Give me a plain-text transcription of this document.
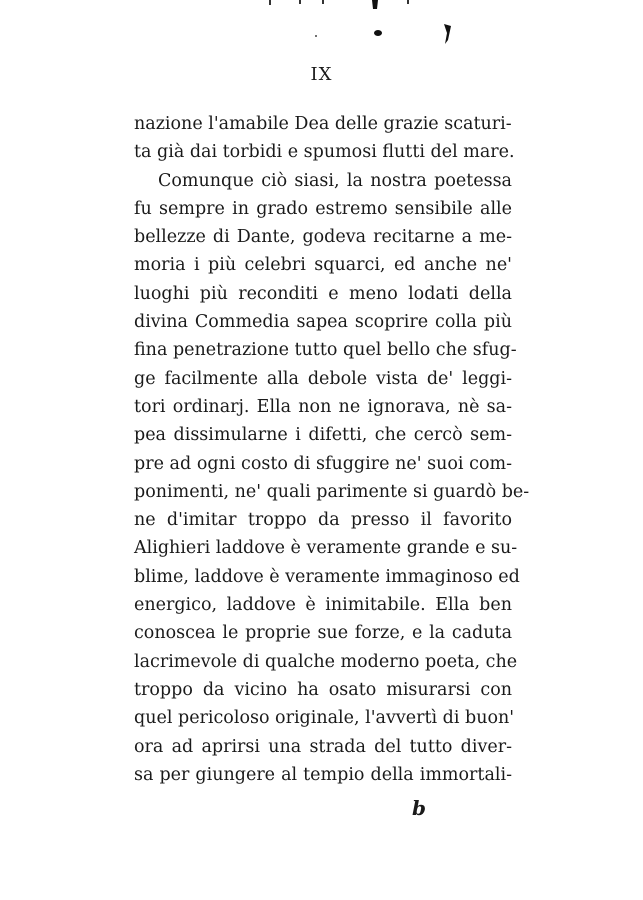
IX
nazione l'amabile Dea delle grazie scaturi-
ta già dai torbidi e spumosi flutti del mare.
Comunque ciò siasi, la nostra poetessa
fu sempre in grado estremo sensibile alle
bellezze di Dante, godeva recitarne a me-
moria i più celebri squarci, ed anche ne'
luoghi più reconditi e meno lodati della
divina Commedia sapea scoprire colla più
fina penetrazione tutto quel bello che sfug-
ge facilmente alla debole vista de' leggi-
tori ordinarj. Ella non ne ignorava, nè sa-
pea dissimularne i difetti, che cercò sem-
pre ad ogni costo di sfuggire ne' suoi com-
ponimenti, ne' quali parimente si guardò be-
ne d'imitar troppo da presso il favorito
Alighieri laddove è veramente grande e su-
blime, laddove è veramente immaginoso ed
energico, laddove è inimitabile. Ella ben
conoscea le proprie sue forze, e la caduta
lacrimevole di qualche moderno poeta, che
troppo da vicino ha osato misurarsi con
quel pericoloso originale, l'avvertì di buon'
ora ad aprirsi una strada del tutto diver-
sa per giungere al tempio della immortali-
b
